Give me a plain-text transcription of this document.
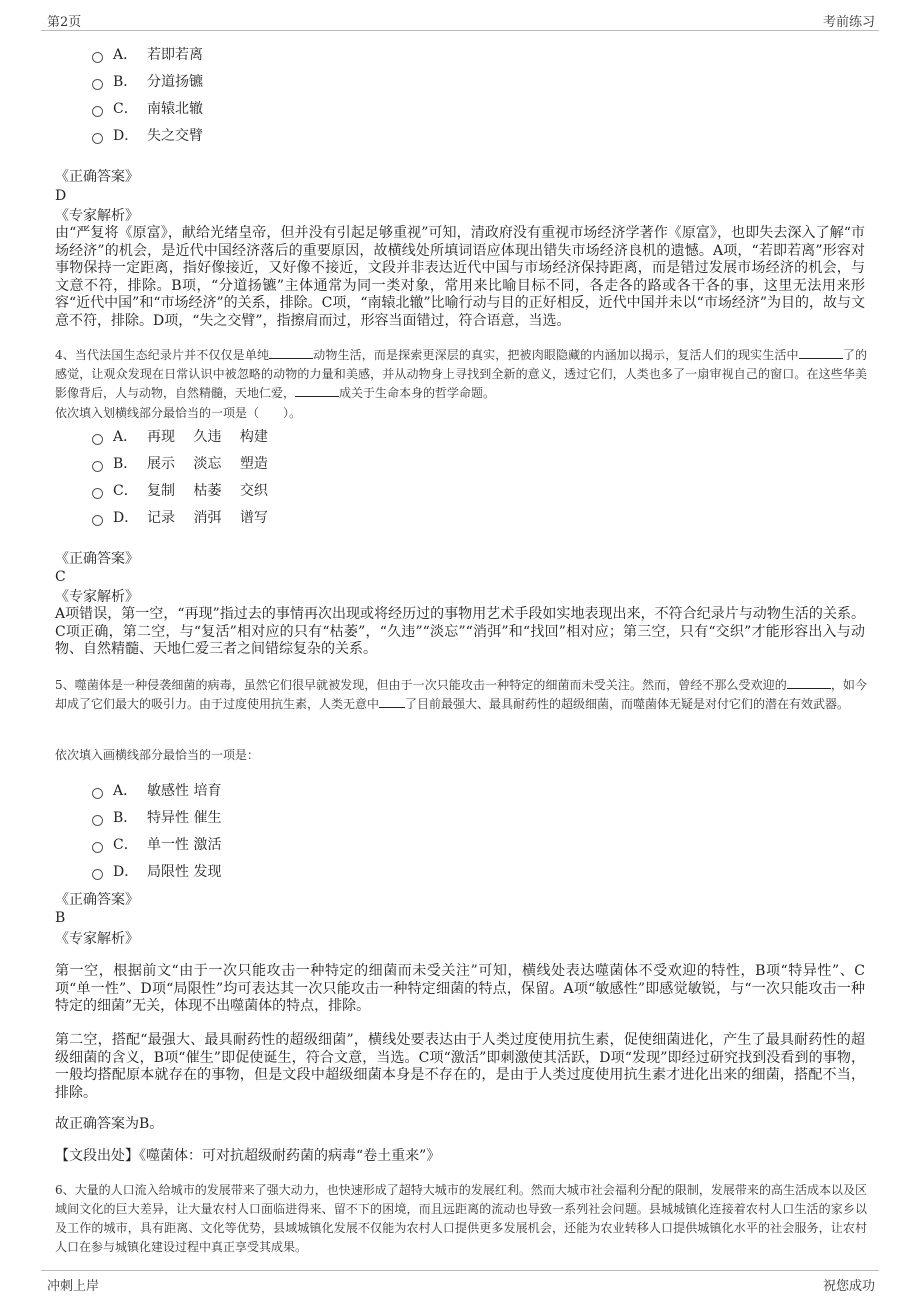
第2页	考前练习
A． 若即若离
B． 分道扬镳
C． 南辕北辙
D． 失之交臂
《正确答案》
D
《专家解析》
由“严复将《原富》，献给光绪皇帝，但并没有引起足够重视”可知，清政府没有重视市场经济学著作《原富》，也即失去深入了解“市场经济”的机会，是近代中国经济落后的重要原因，故横线处所填词语应体现出错失市场经济良机的遗憾。A项，“若即若离”形容对事物保持一定距离，指好像接近，又好像不接近，文段并非表达近代中国与市场经济保持距离，而是错过发展市场经济的机会，与文意不符，排除。B项，“分道扬镳”主体通常为同一类对象，常用来比喻目标不同，各走各的路或各干各的事，这里无法用来形容“近代中国”和“市场经济”的关系，排除。C项，“南辕北辙”比喻行动与目的正好相反，近代中国并未以“市场经济”为目的，故与文意不符，排除。D项，“失之交臂”，指擦肩而过，形容当面错过，符合语意，当选。
4、当代法国生态纪录片并不仅仅是单纯	动物生活，而是探索更深层的真实，把被肉眼隐藏的内涵加以揭示，复活人们的现实生活中	了的感觉，让观众发现在日常认识中被忽略的动物的力量和美感，并从动物身上寻找到全新的意义，透过它们，人类也多了一扇审视自己的窗口。在这些华美影像背后，人与动物，自然精髓，天地仁爱，	成关于生命本身的哲学命题。
依次填入划横线部分最恰当的一项是（　　）。
A． 再现　 久违　 构建
B． 展示　 淡忘　 塑造
C． 复制　 枯萎　 交织
D． 记录　 消弭　 谱写
《正确答案》
C
《专家解析》
A项错误，第一空，“再现”指过去的事情再次出现或将经历过的事物用艺术手段如实地表现出来，不符合纪录片与动物生活的关系。C项正确，第二空，与“复活”相对应的只有“枯萎”，“久违”“淡忘”“消弭”和“找回”相对应；第三空，只有“交织”才能形容出入与动物、自然精髓、天地仁爱三者之间错综复杂的关系。
5、噬菌体是一种侵袭细菌的病毒，虽然它们很早就被发现，但由于一次只能攻击一种特定的细菌而未受关注。然而，曾经不那么受欢迎的	，如今却成了它们最大的吸引力。由于过度使用抗生素，人类无意中 了目前最强大、最具耐药性的超级细菌，而噬菌体无疑是对付它们的潜在有效武器。
依次填入画横线部分最恰当的一项是：
A． 敏感性 培育
B． 特异性 催生
C． 单一性 激活
D． 局限性 发现
《正确答案》
B
《专家解析》
第一空，根据前文“由于一次只能攻击一种特定的细菌而未受关注”可知，横线处表达噬菌体不受欢迎的特性，B项“特异性”、C项“单一性”、D项“局限性”均可表达其一次只能攻击一种特定细菌的特点，保留。A项“敏感性”即感觉敏锐，与“一次只能攻击一种特定的细菌”无关，体现不出噬菌体的特点，排除。
第二空，搭配“最强大、最具耐药性的超级细菌”，横线处要表达由于人类过度使用抗生素，促使细菌进化，产生了最具耐药性的超级细菌的含义，B项“催生”即促使诞生，符合文意，当选。C项“激活”即刺激使其活跃，D项“发现”即经过研究找到没看到的事物，一般均搭配原本就存在的事物，但是文段中超级细菌本身是不存在的，是由于人类过度使用抗生素才进化出来的细菌，搭配不当，排除。
故正确答案为B。
【文段出处】《噬菌体：可对抗超级耐药菌的病毒“卷土重来”》
6、大量的人口流入给城市的发展带来了强大动力，也快速形成了超特大城市的发展红利。然而大城市社会福利分配的限制，发展带来的高生活成本以及区域间文化的巨大差异，让大量农村人口面临进得来、留不下的困境，而且远距离的流动也导致一系列社会问题。县城城镇化连接着农村人口生活的家乡以及工作的城市，具有距离、文化等优势，县域城镇化发展不仅能为农村人口提供更多发展机会，还能为农业转移人口提供城镇化水平的社会服务，让农村人口在参与城镇化建设过程中真正享受其成果。
冲刺上岸	祝您成功
